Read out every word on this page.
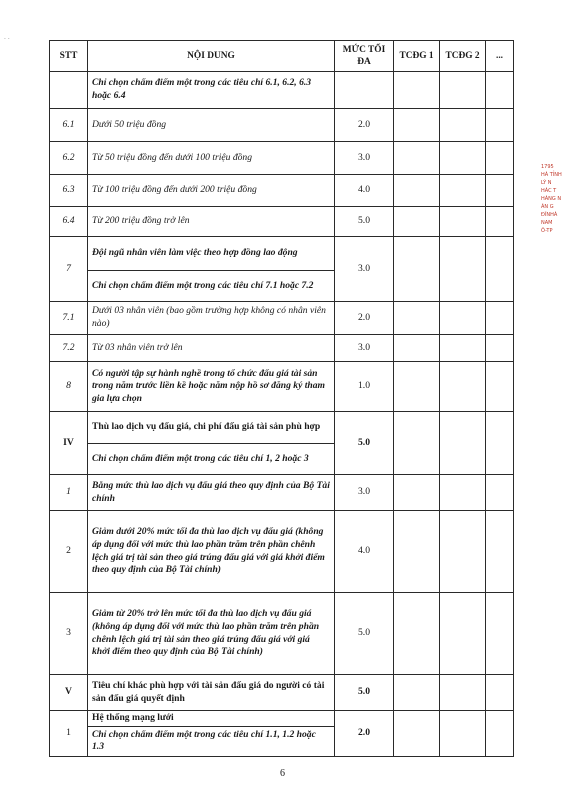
· ·
STT	NỘI DUNG	MỨC TỐI ĐA	TCĐG 1	TCĐG 2	...
	Chỉ chọn chấm điểm một trong các tiêu chí 6.1, 6.2, 6.3 hoặc 6.4				
6.1	Dưới 50 triệu đồng	2.0			
6.2	Từ 50 triệu đồng đến dưới 100 triệu đồng	3.0			
6.3	Từ 100 triệu đồng đến dưới 200 triệu đồng	4.0			
6.4	Từ 200 triệu đồng trở lên	5.0			
7	Đội ngũ nhân viên làm việc theo hợp đồng lao động	3.0			
	Chỉ chọn chấm điểm một trong các tiêu chí 7.1 hoặc 7.2				
7.1	Dưới 03 nhân viên (bao gồm trường hợp không có nhân viên nào)	2.0			
7.2	Từ 03 nhân viên trở lên	3.0			
8	Có người tập sự hành nghề trong tổ chức đấu giá tài sản trong năm trước liền kề hoặc năm nộp hồ sơ đăng ký tham gia lựa chọn	1.0			
IV	Thù lao dịch vụ đấu giá, chi phí đấu giá tài sản phù hợp	5.0			
	Chỉ chọn chấm điểm một trong các tiêu chí 1, 2 hoặc 3				
1	Bằng mức thù lao dịch vụ đấu giá theo quy định của Bộ Tài chính	3.0			
2	Giảm dưới 20% mức tối đa thù lao dịch vụ đấu giá (không áp dụng đối với mức thù lao phần trăm trên phần chênh lệch giá trị tài sản theo giá trúng đấu giá với giá khởi điểm theo quy định của Bộ Tài chính)	4.0			
3	Giảm từ 20% trở lên mức tối đa thù lao dịch vụ đấu giá (không áp dụng đối với mức thù lao phần trăm trên phần chênh lệch giá trị tài sản theo giá trúng đấu giá với giá khởi điểm theo quy định của Bộ Tài chính)	5.0			
V	Tiêu chí khác phù hợp với tài sản đấu giá do người có tài sản đấu giá quyết định	5.0			
1	Hệ thống mạng lưới	2.0			
	Chỉ chọn chấm điểm một trong các tiêu chí 1.1, 1.2 hoặc 1.3				
1795
HÀ TỈNH
LÝ N
HÁC T
HÀNG N
ÁN G
ĐĨNHÀ
NAM
Ô-TP
6
